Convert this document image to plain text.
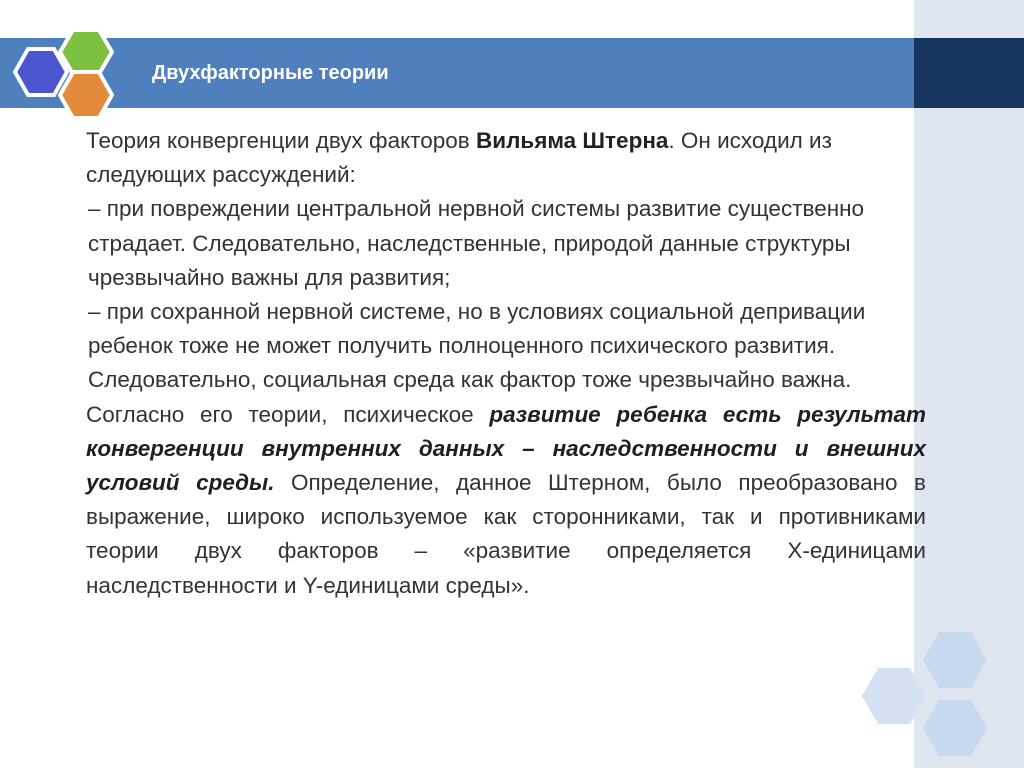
Двухфакторные теории

Теория конвергенции двух факторов Вильяма Штерна. Он исходил из следующих рассуждений:

– при повреждении центральной нервной системы развитие существенно страдает. Следовательно, наследственные, природой данные структуры чрезвычайно важны для развития;

– при сохранной нервной системе, но в условиях социальной депривации ребенок тоже не может получить полноценного психического развития. Следовательно, социальная среда как фактор тоже чрезвычайно важна.

Согласно его теории, психическое развитие ребенка есть результат конвергенции внутренних данных – наследственности и внешних условий среды. Определение, данное Штерном, было преобразовано в выражение, широко используемое как сторонниками, так и противниками теории двух факторов – «развитие определяется X-единицами наследственности и Y-единицами среды».
